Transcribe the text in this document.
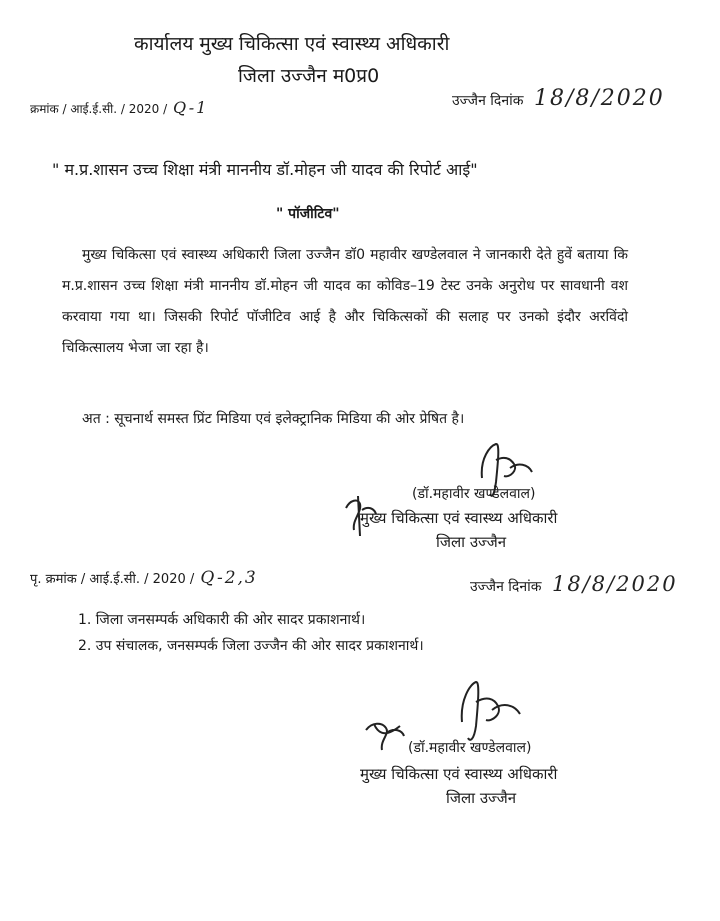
कार्यालय मुख्य चिकित्सा एवं स्वास्थ्य अधिकारी
जिला उज्जैन म0प्र0
क्रमांक / आई.ई.सी. / 2020 / Q-1	उज्जैन दिनांक 18/8/2020
" म.प्र.शासन उच्च शिक्षा मंत्री माननीय डॉ.मोहन जी यादव की रिपोर्ट आई"
" पॉजीटिव"
मुख्य चिकित्सा एवं स्वास्थ्य अधिकारी जिला उज्जैन डॉ0 महावीर खण्डेलवाल ने जानकारी देते हुवें बताया कि म.प्र.शासन उच्च शिक्षा मंत्री माननीय डॉ.मोहन जी यादव का कोविड–19 टेस्ट उनके अनुरोध पर सावधानी वश करवाया गया था। जिसकी रिपोर्ट पॉजीटिव आई है और चिकित्सकों की सलाह पर उनको इंदौर अरविंदो चिकित्सालय भेजा जा रहा है।
अत : सूचनार्थ समस्त प्रिंट मिडिया एवं इलेक्ट्रानिक मिडिया की ओर प्रेषित है।
(डॉ.महावीर खण्डेलवाल)
मुख्य चिकित्सा एवं स्वास्थ्य अधिकारी
जिला उज्जैन
पृ. क्रमांक / आई.ई.सी. / 2020 / Q-2,3	उज्जैन दिनांक 18/8/2020
1. जिला जनसम्पर्क अधिकारी की ओर सादर प्रकाशनार्थ।
2. उप संचालक, जनसम्पर्क जिला उज्जैन की ओर सादर प्रकाशनार्थ।
(डॉ.महावीर खण्डेलवाल)
मुख्य चिकित्सा एवं स्वास्थ्य अधिकारी
जिला उज्जैन
